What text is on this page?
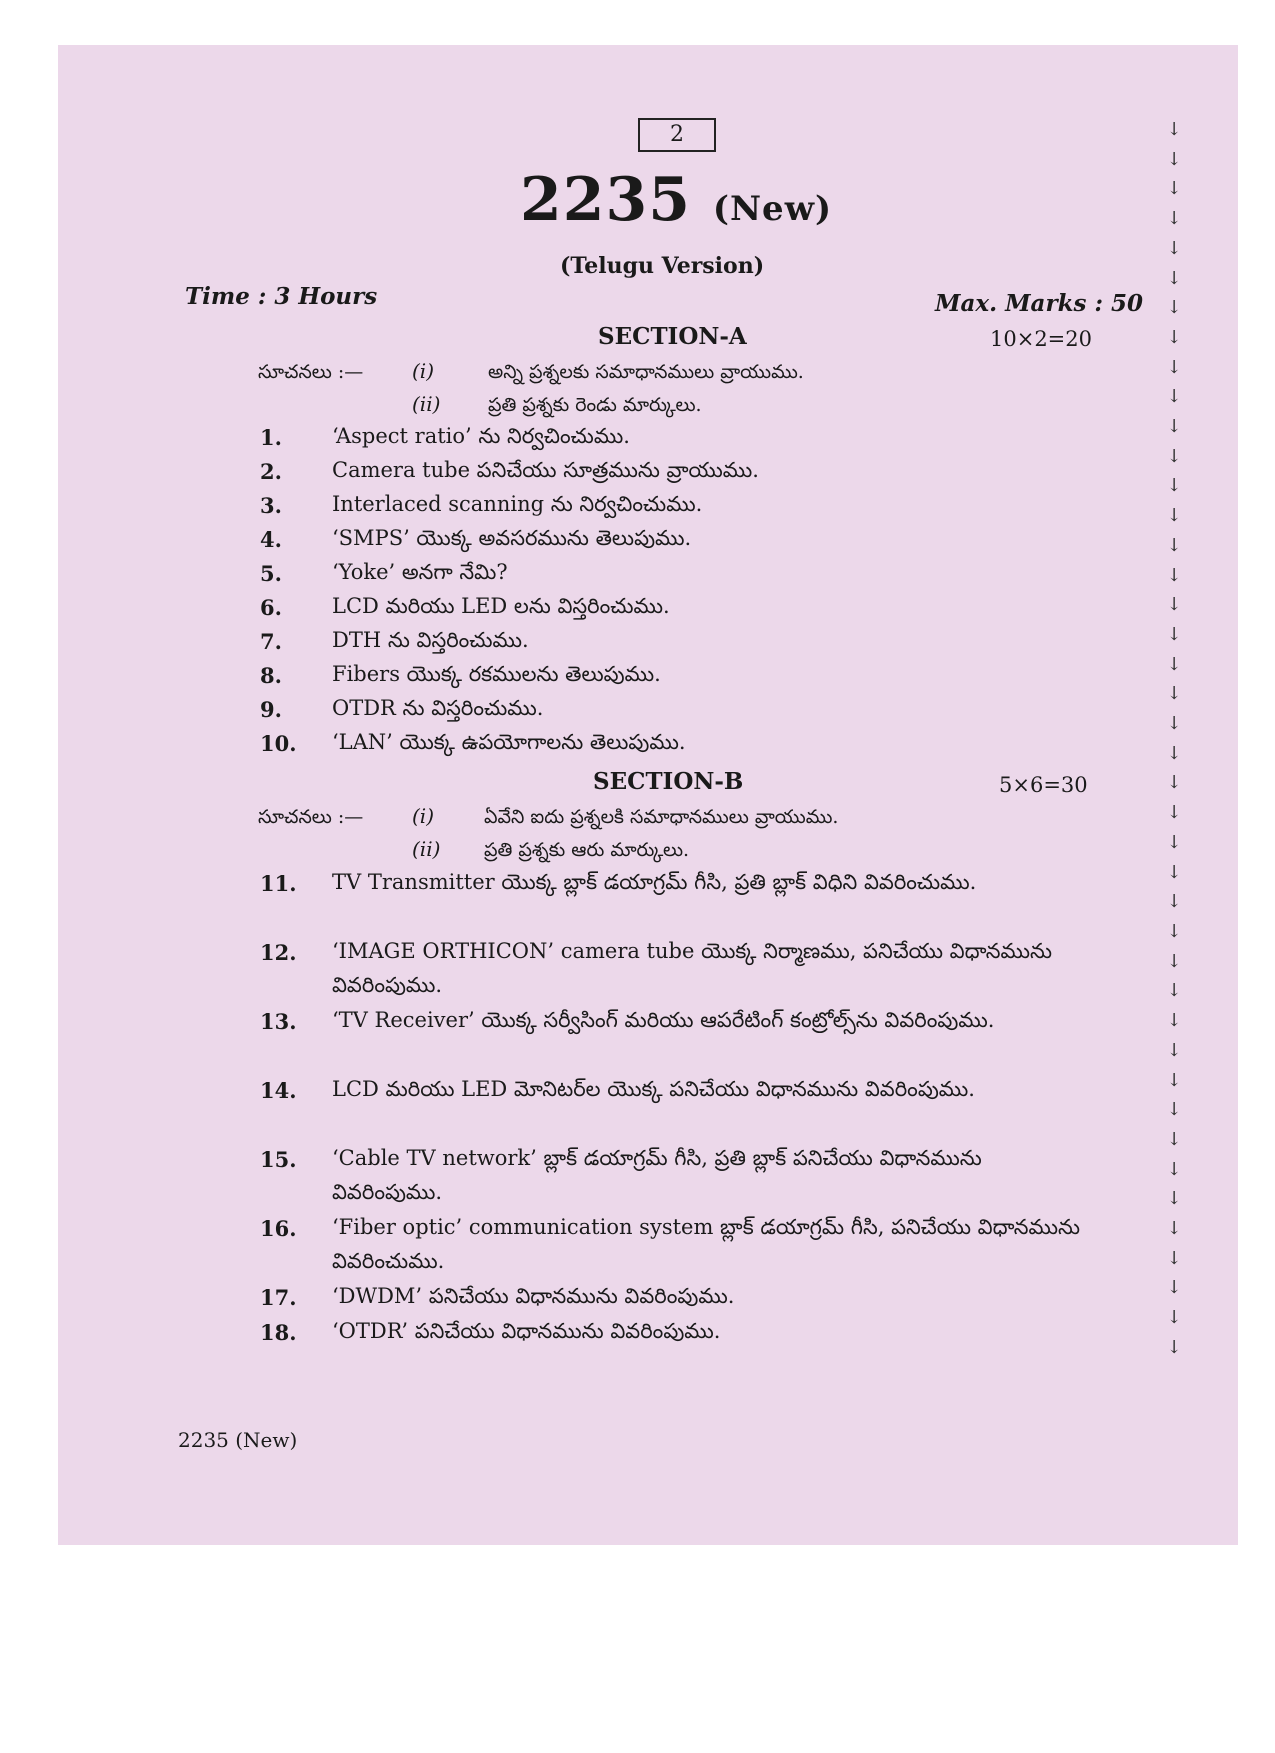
2
2235 (New)
(Telugu Version)
Time : 3 Hours	Max. Marks : 50
SECTION-A	10×2=20
సూచనలు :— (i)	అన్ని ప్రశ్నలకు సమాధానములు వ్రాయుము.
(ii)	ప్రతి ప్రశ్నకు రెండు మార్కులు.
1. ‘Aspect ratio’ ను నిర్వచించుము.
2. Camera tube పనిచేయు సూత్రమును వ్రాయుము.
3. Interlaced scanning ను నిర్వచించుము.
4. ‘SMPS’ యొక్క అవసరమును తెలుపుము.
5. ‘Yoke’ అనగా నేమి?
6. LCD మరియు LED లను విస్తరించుము.
7. DTH ను విస్తరించుము.
8. Fibers యొక్క రకములను తెలుపుము.
9. OTDR ను విస్తరించుము.
10. ‘LAN’ యొక్క ఉపయోగాలను తెలుపుము.
SECTION-B	5×6=30
సూచనలు :— (i)	ఏవేని ఐదు ప్రశ్నలకి సమాధానములు వ్రాయుము.
(ii) ప్రతి ప్రశ్నకు ఆరు మార్కులు.
11. TV Transmitter యొక్క బ్లాక్ డయాగ్రమ్ గీసి, ప్రతి బ్లాక్ విధిని వివరించుము.
12. ‘IMAGE ORTHICON’ camera tube యొక్క నిర్మాణము, పనిచేయు విధానమును వివరింపుము.
13. ‘TV Receiver’ యొక్క సర్వీసింగ్ మరియు ఆపరేటింగ్ కంట్రోల్స్‌ను వివరింపుము.
14. LCD మరియు LED మోనిటర్‌ల యొక్క పనిచేయు విధానమును వివరింపుము.
15. ‘Cable TV network’ బ్లాక్ డయాగ్రమ్ గీసి, ప్రతి బ్లాక్ పనిచేయు విధానమును వివరింపుము.
16. ‘Fiber optic’ communication system బ్లాక్ డయాగ్రమ్ గీసి, పనిచేయు విధానమును వివరించుము.
17. ‘DWDM’ పనిచేయు విధానమును వివరింపుము.
18. ‘OTDR’ పనిచేయు విధానమును వివరింపుము.
2235 (New)
↓
↓
↓
↓
↓
↓
↓
↓
↓
↓
↓
↓
↓
↓
↓
↓
↓
↓
↓
↓
↓
↓
↓
↓
↓
↓
↓
↓
↓
↓
↓
↓
↓
↓
↓
↓
↓
↓
↓
↓
↓
↓
